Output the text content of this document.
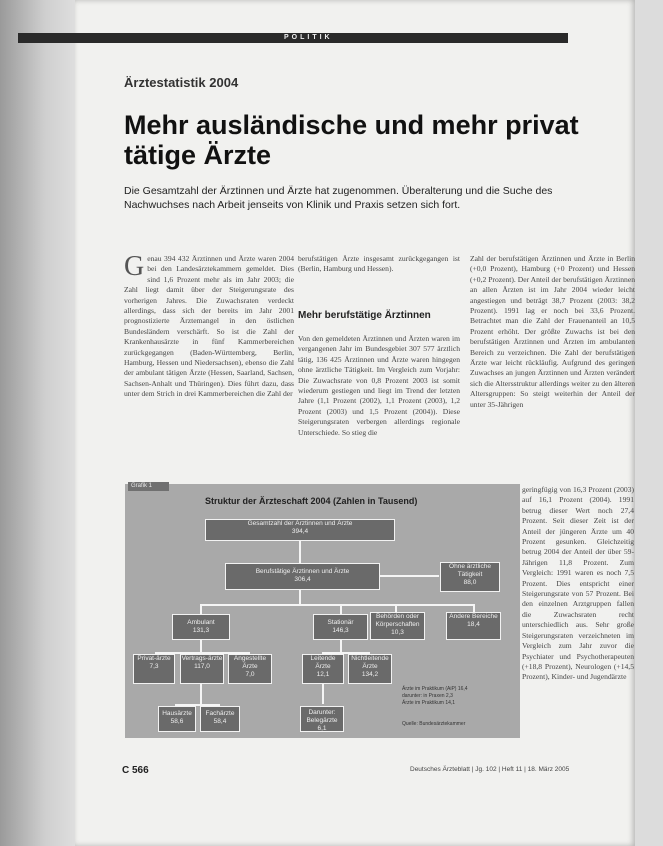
POLITIK
Ärztestatistik 2004
Mehr ausländische und mehr privat tätige Ärzte

Die Gesamtzahl der Ärztinnen und Ärzte hat zugenommen. Überalterung und die Suche des Nachwuchses nach Arbeit jenseits von Klinik und Praxis setzen sich fort.

Genau 394 432 Ärztinnen und Ärzte waren 2004 bei den Landesärztekammern gemeldet. Dies sind 1,6 Prozent mehr als im Jahr 2003; die Zahl liegt damit über der Steigerungsrate des vorherigen Jahres. Die Zuwachsraten verdeckt allerdings, dass sich der bereits im Jahr 2001 prognostizierte Ärztemangel in den östlichen Bundesländern verschärft. So ist die Zahl der Krankenhausärzte in fünf Kammerbereichen zurückgegangen (Baden-Württemberg, Berlin, Hamburg, Hessen und Niedersachsen), ebenso die Zahl der ambulant tätigen Ärzte (Hessen, Saarland, Sachsen, Sachsen-Anhalt und Thüringen). Dies führt dazu, dass unter dem Strich in drei Kammerbereichen die Zahl der

berufstätigen Ärzte insgesamt zurückgegangen ist (Berlin, Hamburg und Hessen).

Mehr berufstätige Ärztinnen

Von den gemeldeten Ärztinnen und Ärzten waren im vergangenen Jahr im Bundesgebiet 307 577 ärztlich tätig, 136 425 Ärztinnen und Ärzte waren hingegen ohne ärztliche Tätigkeit. Im Vergleich zum Vorjahr: Die Zuwachsrate von 0,8 Prozent 2003 ist somit wiederum gestiegen und liegt im Trend der letzten Jahre (1,1 Prozent (2002), 1,1 Prozent (2003), 1,2 Prozent (2003) und 1,5 Prozent (2004)). Diese Steigerungsraten verbergen allerdings regionale Unterschiede. So stieg die

Zahl der berufstätigen Ärztinnen und Ärzte in Berlin (+0,0 Prozent), Hamburg (+0 Prozent) und Hessen (+0,2 Prozent). Der Anteil der berufstätigen Ärztinnen an allen Ärzten ist im Jahr 2004 wieder leicht angestiegen und beträgt 38,7 Prozent (2003: 38,2 Prozent). 1991 lag er noch bei 33,6 Prozent. Betrachtet man die Zahl der Frauenanteil an 10,5 Prozent erhöht. Der größte Zuwachs ist bei den berufstätigen Ärztinnen und Ärzten im ambulanten Bereich zu verzeichnen. Die Zahl der berufstätigen Ärzte war leicht rückläufig. Aufgrund des geringen Zuwachses an jungen Ärztinnen und Ärzten verändert sich die Altersstruktur allerdings weiter zu den älteren Altersgruppen: So steigt weiterhin der Anteil der unter 35-Jährigen

geringfügig von 16,3 Prozent (2003) auf 16,1 Prozent (2004). 1991 betrug dieser Wert noch 27,4 Prozent. Seit dieser Zeit ist der Anteil der jüngeren Ärzte um 40 Prozent gesunken. Gleichzeitig betrug 2004 der Anteil der über 59-Jährigen 11,8 Prozent. Zum Vergleich: 1991 waren es noch 7,5 Prozent. Dies entspricht einer Steigerungsrate von 57 Prozent. Bei den einzelnen Arztgruppen fallen die Zuwachsraten recht unterschiedlich aus. Sehr große Steigerungsraten verzeichneten im Vergleich zum Jahr zuvor die Psychiater und Psychotherapeuten (+18,8 Prozent), Neurologen (+14,5 Prozent), Kinder- und Jugendärzte

Grafik 1
Struktur der Ärzteschaft 2004 (Zahlen in Tausend)
Gesamtzahl der Ärztinnen und Ärzte
394,4
Berufstätige Ärztinnen und Ärzte
306,4
Ohne ärztliche Tätigkeit
88,0
Ambulant
131,3
Stationär
146,3
Behörden oder Körperschaften
10,3
Andere Bereiche
18,4
Privat-ärzte
7,3
Vertrags-ärzte
117,0
Angestellte Ärzte
7,0
Leitende Ärzte
12,1
Nichtleitende Ärzte
134,2
Hausärzte
58,6
Fachärzte
58,4
Darunter: Belegärzte
6,1
Ärzte im Praktikum (AiP) 16,4
darunter: in Praxen 2,3
Ärzte im Praktikum 14,1
Quelle: Bundesärztekammer
C 566	Deutsches Ärzteblatt | Jg. 102 | Heft 11 | 18. März 2005
